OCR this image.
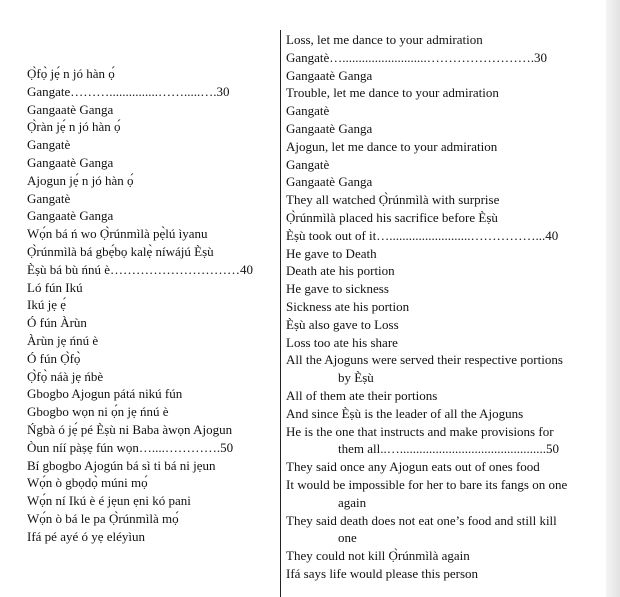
Ọ̀fọ̀ jẹ́ n jó hàn ọ́
Gangate………...............…….....….30
Gangaatè Ganga
Ọ̀ràn jẹ́ n jó hàn ọ́
Gangatè
Gangaatè Ganga
Ajogun jẹ́ n jó hàn ọ́
Gangatè
Gangaatè Ganga
Wọ́n bá ń wo Ọ̀rúnmìlà pẹ̀lú ìyanu
Ọ̀rúnmìlà bá gbẹ́bọ kalẹ̀ níwájú Èṣù
Èṣù bá bù ńnú è…………………………40
Ló fún Ikú
Ikú jẹ ẹ́
Ó fún Àrùn
Àrùn jẹ ńnú è
Ó fún Ọ̀fọ̀
Ọ̀fọ̀ náà jẹ ńbè
Gbogbo Ajogun pátá nikú fún
Gbogbo wọn ni ọ́n jẹ ńnú è
Ńgbà ó jẹ́ pé Èṣù ni Baba àwọn Ajogun
Òun níí pàṣẹ fún wọn…....………….50
Bí gbogbo Ajogún bá sì ti bá ni jẹun
Wọ́n ò gbọdọ̀ múni mọ́
Wọ́n ní Ikú è é jẹun ẹni kó pani
Wọ́n ò bá le pa Ọ̀rúnmìlà mọ́
Ifá pé ayé ó yẹ eléyìun
Loss, let me dance to your admiration
Gangatè…..........................…………………….30
Gangaatè Ganga
Trouble, let me dance to your admiration
Gangatè
Gangaatè Ganga
Ajogun, let me dance to your admiration
Gangatè
Gangaatè Ganga
They all watched Ọ̀rúnmìlà with surprise
Ọ̀rúnmìlà placed his sacrifice before Èṣù
Èṣù took out of it….........................……………...40
He gave to Death
Death ate his portion
He gave to sickness
Sickness ate his portion
Èṣù also gave to Loss
Loss too ate his share
All the Ajoguns were served their respective portions
by Èṣù
All of them ate their portions
And since Èṣù is the leader of all the Ajoguns
He is the one that instructs and make provisions for
them all..….............................................50
They said once any Ajogun eats out of ones food
It would be impossible for her to bare its fangs on one
again
They said death does not eat one’s food and still kill
one
They could not kill Ọ̀rúnmìlà again
Ifá says life would please this person
